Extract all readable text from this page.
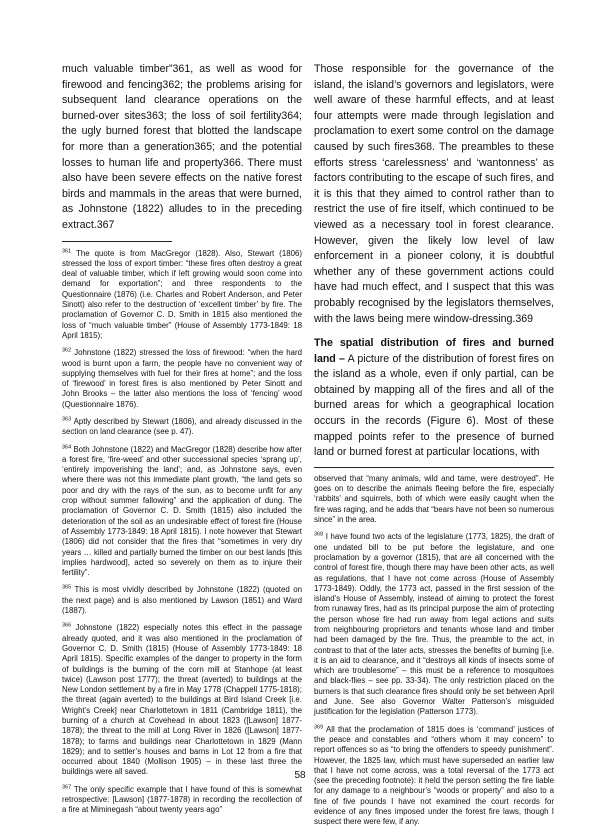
much valuable timber”361, as well as wood for firewood and fencing362; the problems arising for subsequent land clearance operations on the burned-over sites363; the loss of soil fertility364; the ugly burned forest that blotted the landscape for more than a generation365; and the potential losses to human life and property366. There must also have been severe effects on the native forest birds and mammals in the areas that were burned, as Johnstone (1822) alludes to in the preceding extract.367

$^{361}$ The quote is from MacGregor (1828). Also, Stewart (1806) stressed the loss of export timber: “these fires often destroy a great deal of valuable timber, which if left growing would soon come into demand for exportation”; and three respondents to the Questionnaire (1876) (i.e. Charles and Robert Anderson, and Peter Sinott) also refer to the destruction of ‘excellent timber’ by fire. The proclamation of Governor C. D. Smith in 1815 also mentioned the loss of “much valuable timber” (House of Assembly 1773-1849: 18 April 1815);

$^{362}$ Johnstone (1822) stressed the loss of firewood: “when the hard wood is burnt upon a farm, the people have no convenient way of supplying themselves with fuel for their fires at home”; and the loss of ‘firewood’ in forest fires is also mentioned by Peter Sinott and John Brooks – the latter also mentions the loss of ‘fencing’ wood (Questionnaire 1876).

$^{363}$ Aptly described by Stewart (1806), and already discussed in the section on land clearance (see p. 47).

$^{364}$ Both Johnstone (1822) and MacGregor (1828) describe how after a forest fire, ‘fire-weed’ and other successional species ‘sprang up’, ‘entirely impoverishing the land’; and, as Johnstone says, even where there was not this immediate plant growth, “the land gets so poor and dry with the rays of the sun, as to become unfit for any crop without summer fallowing” and the application of dung. The proclamation of Governor C. D. Smith (1815) also included the deterioration of the soil as an undesirable effect of forest fire (House of Assembly 1773-1849: 18 April 1815). I note however that Stewart (1806) did not consider that the fires that “sometimes in very dry years … killed and partially burned the timber on our best lands [this implies hardwood], acted so severely on them as to injure their fertility”.

$^{365}$ This is most vividly described by Johnstone (1822) (quoted on the next page) and is also mentioned by Lawson (1851) and Ward (1887).

$^{366}$ Johnstone (1822) especially notes this effect in the passage already quoted, and it was also mentioned in the proclamation of Governor C. D. Smith (1815) (House of Assembly 1773-1849: 18 April 1815). Specific examples of the danger to property in the form of buildings is the burning of the corn mill at Stanhope (at least twice) (Lawson post 1777); the threat (averted) to buildings at the New London settlement by a fire in May 1778 (Chappell 1775-1818); the threat (again averted) to the buildings at Bird Island Creek [i.e. Wright’s Creek] near Charlottetown in 1811 (Cambridge 1811), the burning of a church at Covehead in about 1823 ([Lawson] 1877-1878); the threat to the mill at Long River in 1826 ([Lawson] 1877-1878); to farms and buildings near Charlottetown in 1829 (Mann 1829); and to settler’s houses and barns in Lot 12 from a fire that occurred about 1840 (Mollison 1905) – in these last three the buildings were all saved.

$^{367}$ The only specific example that I have found of this is somewhat retrospective: [Lawson] (1877-1878) in recording the recollection of a fire at Miminegash “about twenty years ago”

Those responsible for the governance of the island, the island’s governors and legislators, were well aware of these harmful effects, and at least four attempts were made through legislation and proclamation to exert some control on the damage caused by such fires368. The preambles to these efforts stress ‘carelessness’ and ‘wantonness’ as factors contributing to the escape of such fires, and it is this that they aimed to control rather than to restrict the use of fire itself, which continued to be viewed as a necessary tool in forest clearance. However, given the likely low level of law enforcement in a pioneer colony, it is doubtful whether any of these government actions could have had much effect, and I suspect that this was probably recognised by the legislators themselves, with the laws being mere window-dressing.369

The spatial distribution of fires and burned land – A picture of the distribution of forest fires on the island as a whole, even if only partial, can be obtained by mapping all of the fires and all of the burned areas for which a geographical location occurs in the records (Figure 6). Most of these mapped points refer to the presence of burned land or burned forest at particular locations, with

observed that “many animals, wild and tame, were destroyed”. He goes on to describe the animals fleeing before the fire, especially ‘rabbits’ and squirrels, both of which were easily caught when the fire was raging, and he adds that “bears have not been so numerous since” in the area.

$^{368}$ I have found two acts of the legislature (1773, 1825), the draft of one undated bill to be put before the legislature, and one proclamation by a governor (1815), that are all concerned with the control of forest fire, though there may have been other acts, as well as regulations, that I have not come across (House of Assembly 1773-1849). Oddly, the 1773 act, passed in the first session of the island’s House of Assembly, instead of aiming to protect the forest from runaway fires, had as its principal purpose the aim of protecting the person whose fire had run away from legal actions and suits from neighbouring proprietors and tenants whose land and timber had been damaged by the fire. Thus, the preamble to the act, in contrast to that of the later acts, stresses the benefits of burning [i.e. it is an aid to clearance, and it “destroys all kinds of insects some of which are troublesome” – this must be a reference to mosquitoes and black-flies – see pp. 33-34). The only restriction placed on the burners is that such clearance fires should only be set between April and June. See also Governor Walter Patterson’s misguided justification for the legislation (Patterson 1773).

$^{369}$ All that the proclamation of 1815 does is ‘command’ justices of the peace and constables and “others whom it may concern” to report offences so as “to bring the offenders to speedy punishment”. However, the 1825 law, which must have superseded an earlier law that I have not come across, was a total reversal of the 1773 act (see the preceding footnote): it held the person setting the fire liable for any damage to a neighbour’s “woods or property” and also to a fine of five pounds I have not examined the court records for evidence of any fines imposed under the forest fire laws, though I suspect there were few, if any.

58
